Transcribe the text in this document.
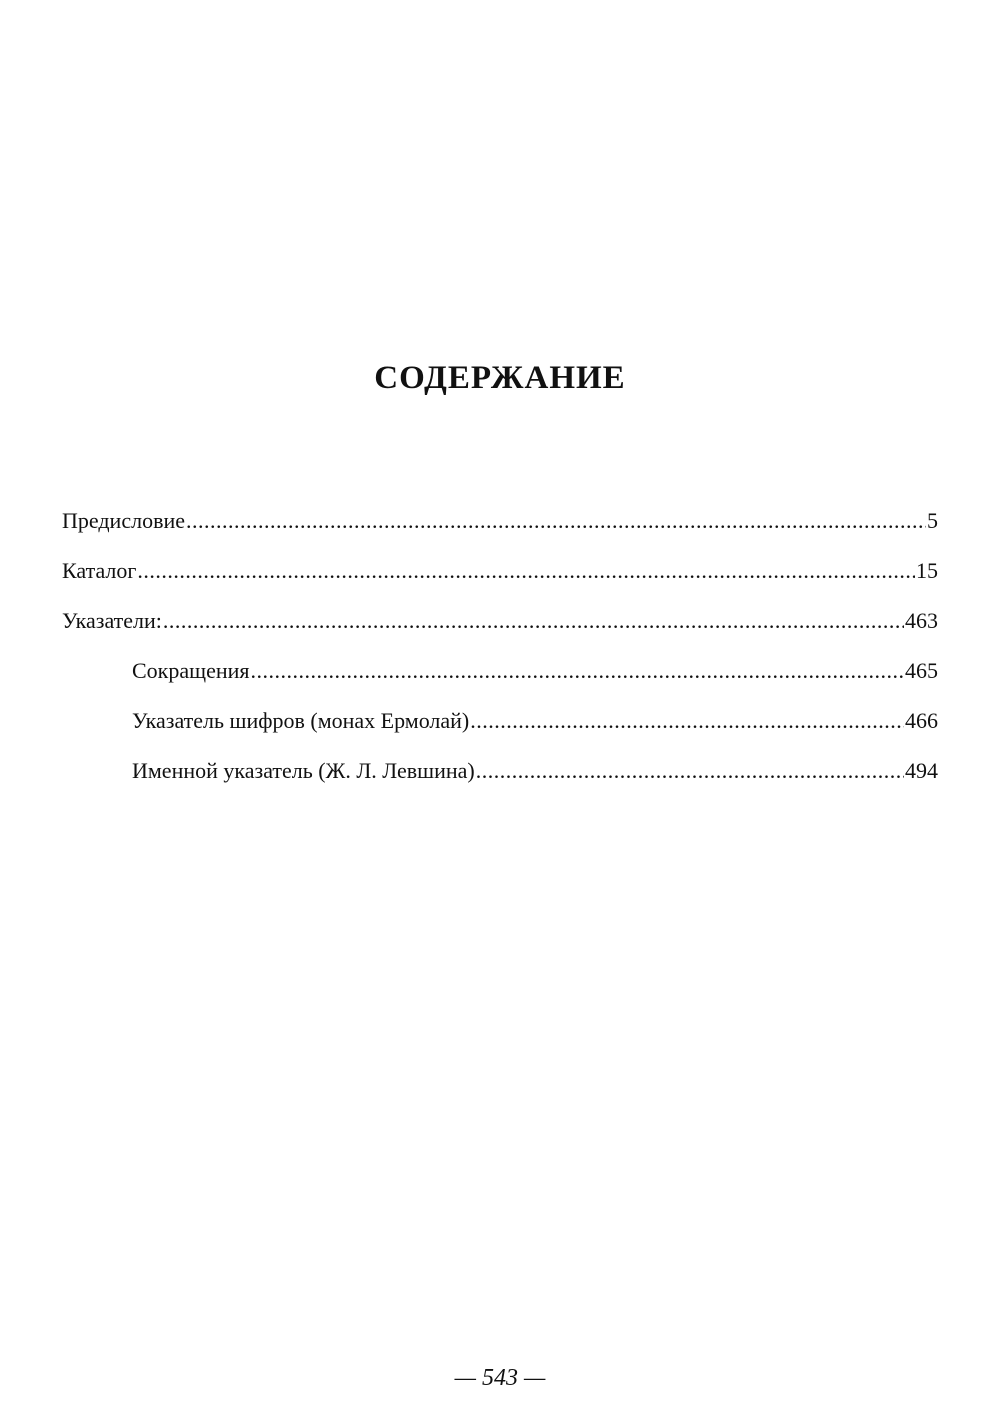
СОДЕРЖАНИЕ
Предисловие .....	5
Каталог .....	15
Указатели: .....	463
Сокращения .....	465
Указатель шифров (монах Ермолай) .....	466
Именной указатель (Ж. Л. Левшина) .....	494
— 543 —
